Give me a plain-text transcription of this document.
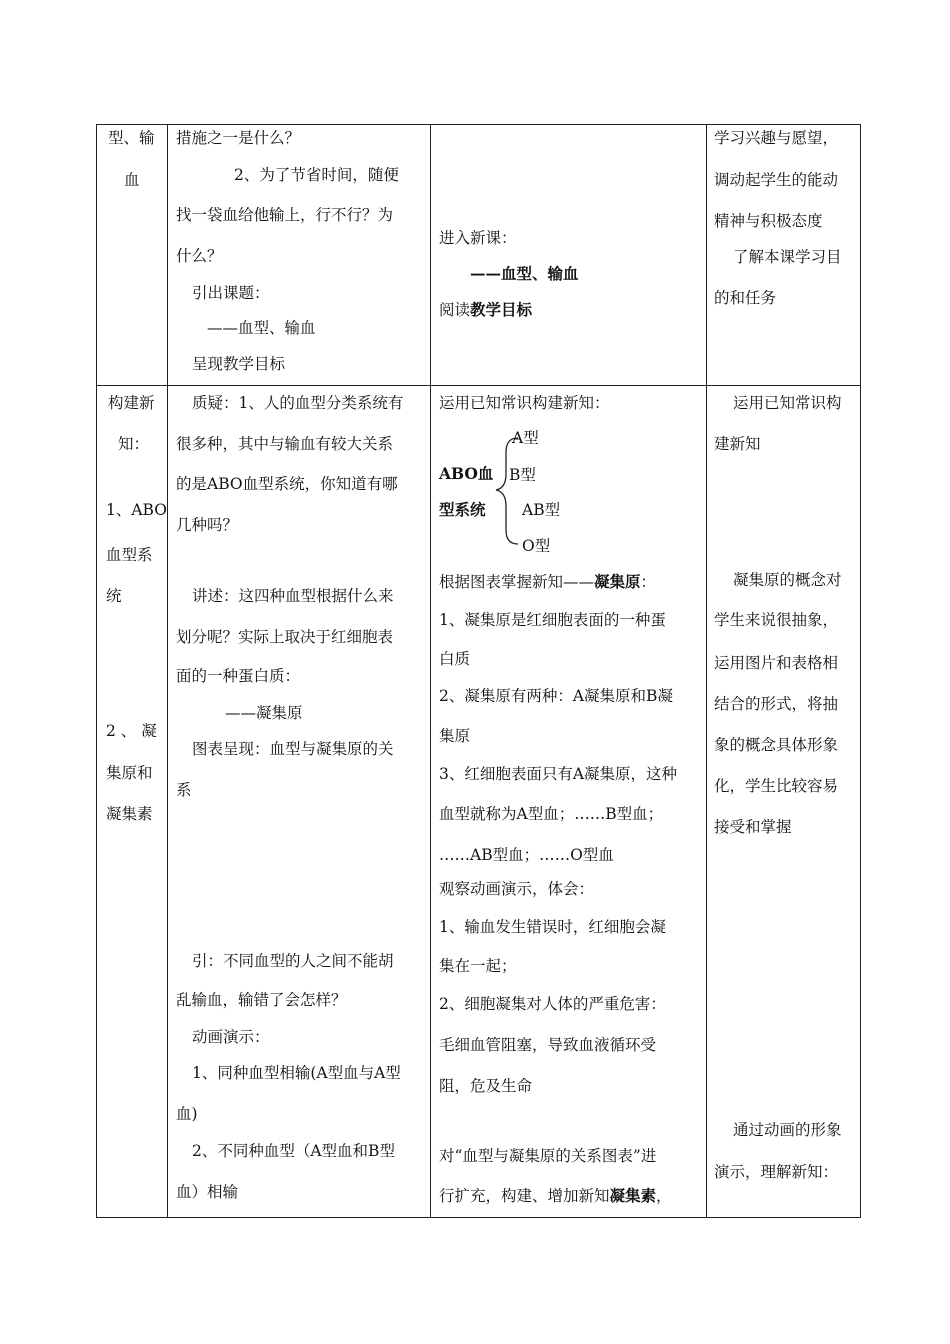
型、输
血
措施之一是什么？
2、为了节省时间，随便
找一袋血给他输上，行不行？为
什么？
引出课题：
——血型、输血
呈现教学目标
进入新课：
——血型、输血
阅读教学目标
学习兴趣与愿望，
调动起学生的能动
精神与积极态度
了解本课学习目
的和任务
构建新
知：
1、ABO
血型系
统
2 、 凝
集原和
凝集素
质疑：1、人的血型分类系统有
很多种，其中与输血有较大关系
的是ABO血型系统，你知道有哪
几种吗？
讲述：这四种血型根据什么来
划分呢？实际上取决于红细胞表
面的一种蛋白质：
——凝集原
图表呈现：血型与凝集原的关
系
引：不同血型的人之间不能胡
乱输血，输错了会怎样？
动画演示：
1、同种血型相输(A型血与A型
血)
2、不同种血型（A型血和B型
血）相输
运用已知常识构建新知：
ABO血
型系统
A型
B型
AB型
O型
根据图表掌握新知——凝集原：
1、凝集原是红细胞表面的一种蛋
白质
2、凝集原有两种：A凝集原和B凝
集原
3、红细胞表面只有A凝集原，这种
血型就称为A型血；……B型血；
……AB型血；……O型血
观察动画演示，体会：
1、输血发生错误时，红细胞会凝
集在一起；
2、细胞凝集对人体的严重危害：
毛细血管阻塞，导致血液循环受
阻，危及生命
对“血型与凝集原的关系图表”进
行扩充，构建、增加新知凝集素，
运用已知常识构
建新知
凝集原的概念对
学生来说很抽象，
运用图片和表格相
结合的形式，将抽
象的概念具体形象
化，学生比较容易
接受和掌握
通过动画的形象
演示，理解新知：
